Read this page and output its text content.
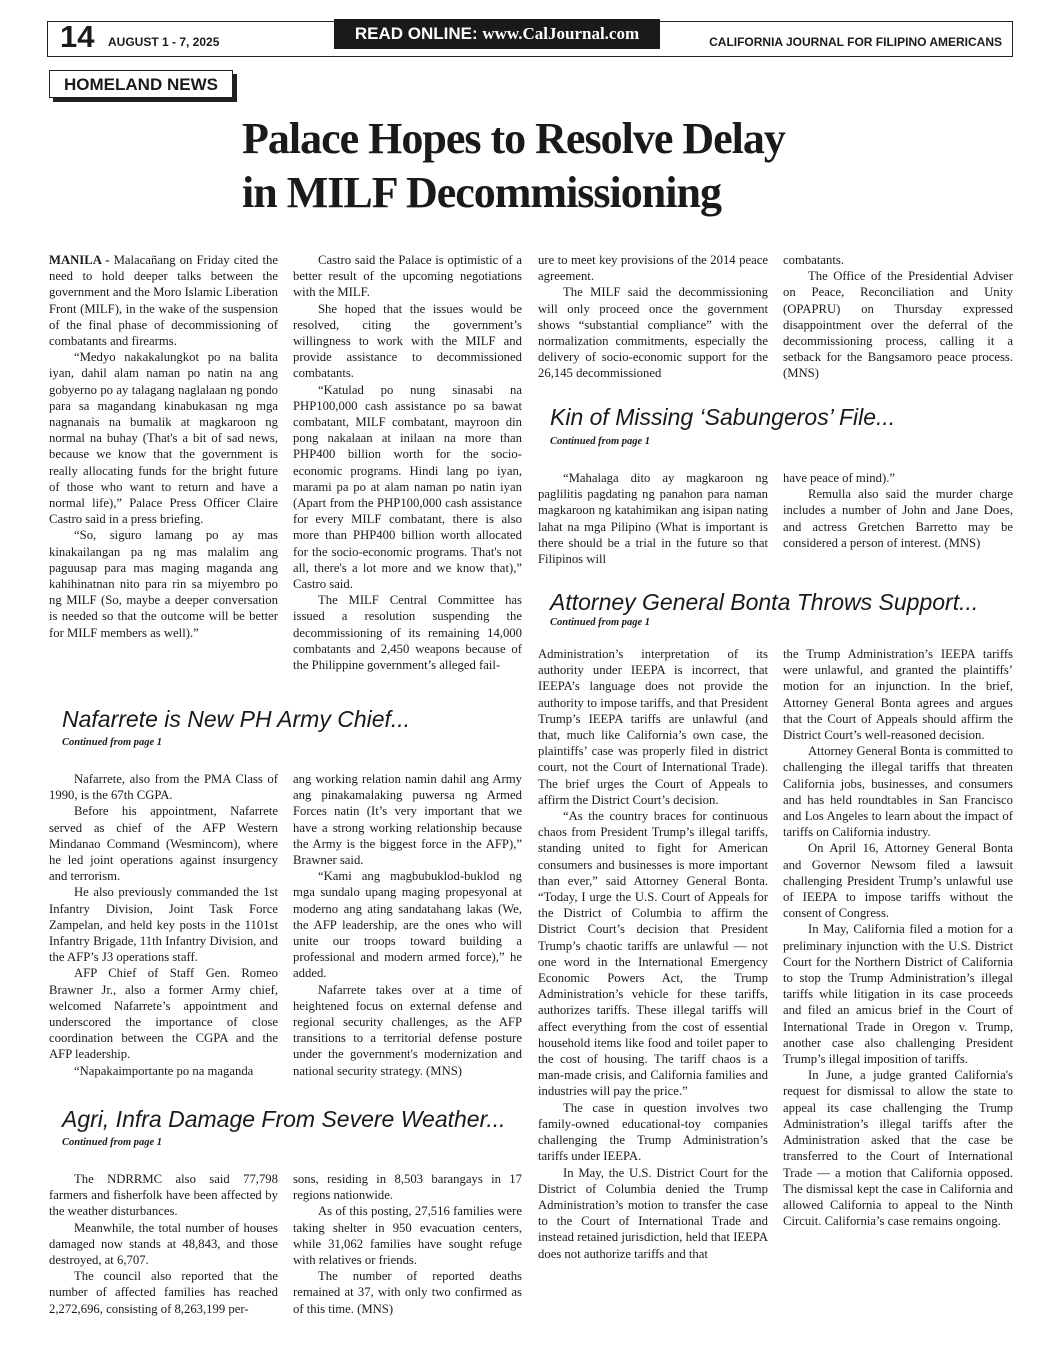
14 AUGUST 1 - 7, 2025	READ ONLINE: www.CalJournal.com	CALIFORNIA JOURNAL FOR FILIPINO AMERICANS
HOMELAND NEWS
Palace Hopes to Resolve Delay
in MILF Decommissioning

MANILA - Malacañang on Friday cited the need to hold deeper talks between the government and the Moro Islamic Liberation Front (MILF), in the wake of the suspension of the final phase of decommissioning of combatants and firearms.

“Medyo nakakalungkot po na balita iyan, dahil alam naman po natin na ang gobyerno po ay talagang naglalaan ng pondo para sa magandang kinabukasan ng mga nagnanais na bumalik at magkaroon ng normal na buhay (That's a bit of sad news, because we know that the government is really allocating funds for the bright future of those who want to return and have a normal life),” Palace Press Officer Claire Castro said in a press briefing.

“So, siguro lamang po ay mas kinakailangan pa ng mas malalim ang paguusap para mas maging maganda ang kahihinatnan nito para rin sa miyembro po ng MILF (So, maybe a deeper conversation is needed so that the outcome will be better for MILF members as well).”

Castro said the Palace is optimistic of a better result of the upcoming negotiations with the MILF.

She hoped that the issues would be resolved, citing the government’s willingness to work with the MILF and provide assistance to decommissioned combatants.

“Katulad po nung sinasabi na PHP100,000 cash assistance po sa bawat combatant, MILF combatant, mayroon din pong nakalaan at inilaan na more than PHP400 billion worth for the socio-economic programs. Hindi lang po iyan, marami pa po at alam naman po natin iyan (Apart from the PHP100,000 cash assistance for every MILF combatant, there is also more than PHP400 billion worth allocated for the socio-economic programs. That's not all, there's a lot more and we know that),” Castro said.

The MILF Central Committee has issued a resolution suspending the decommissioning of its remaining 14,000 combatants and 2,450 weapons because of the Philippine government’s alleged fail-

ure to meet key provisions of the 2014 peace agreement.

The MILF said the decommissioning will only proceed once the government shows “substantial compliance” with the normalization commitments, especially the delivery of socio-economic support for the 26,145 decommissioned

combatants.

The Office of the Presidential Adviser on Peace, Reconciliation and Unity (OPAPRU) on Thursday expressed disappointment over the deferral of the decommissioning process, calling it a setback for the Bangsamoro peace process. (MNS)

Kin of Missing ‘Sabungeros’ File...
Continued from page 1

“Mahalaga dito ay magkaroon ng paglilitis pagdating ng panahon para naman magkaroon ng katahimikan ang isipan nating lahat na mga Pilipino (What is important is there should be a trial in the future so that Filipinos will

have peace of mind).”

Remulla also said the murder charge includes a number of John and Jane Does, and actress Gretchen Barretto may be considered a person of interest. (MNS)

Attorney General Bonta Throws Support...
Continued from page 1

Administration’s interpretation of its authority under IEEPA is incorrect, that IEEPA’s language does not provide the authority to impose tariffs, and that President Trump’s IEEPA tariffs are unlawful (and that, much like California’s own case, the plaintiffs’ case was properly filed in district court, not the Court of International Trade). The brief urges the Court of Appeals to affirm the District Court’s decision.

“As the country braces for continuous chaos from President Trump’s illegal tariffs, standing united to fight for American consumers and businesses is more important than ever,” said Attorney General Bonta. “Today, I urge the U.S. Court of Appeals for the District of Columbia to affirm the District Court’s decision that President Trump’s chaotic tariffs are unlawful — not one word in the International Emergency Economic Powers Act, the Trump Administration’s vehicle for these tariffs, authorizes tariffs. These illegal tariffs will affect everything from the cost of essential household items like food and toilet paper to the cost of housing. The tariff chaos is a man-made crisis, and California families and industries will pay the price.”

The case in question involves two family-owned educational-toy companies challenging the Trump Administration’s tariffs under IEEPA.

In May, the U.S. District Court for the District of Columbia denied the Trump Administration’s motion to transfer the case to the Court of International Trade and instead retained jurisdiction, held that IEEPA does not authorize tariffs and that

the Trump Administration’s IEEPA tariffs were unlawful, and granted the plaintiffs’ motion for an injunction. In the brief, Attorney General Bonta agrees and argues that the Court of Appeals should affirm the District Court’s well-reasoned decision.

Attorney General Bonta is committed to challenging the illegal tariffs that threaten California jobs, businesses, and consumers and has held roundtables in San Francisco and Los Angeles to learn about the impact of tariffs on California industry.

On April 16, Attorney General Bonta and Governor Newsom filed a lawsuit challenging President Trump’s unlawful use of IEEPA to impose tariffs without the consent of Congress.

In May, California filed a motion for a preliminary injunction with the U.S. District Court for the Northern District of California to stop the Trump Administration’s illegal tariffs while litigation in its case proceeds and filed an amicus brief in the Court of International Trade in Oregon v. Trump, another case also challenging President Trump’s illegal imposition of tariffs.

In June, a judge granted California's request for dismissal to allow the state to appeal its case challenging the Trump Administration’s illegal tariffs after the Administration asked that the case be transferred to the Court of International Trade — a motion that California opposed. The dismissal kept the case in California and allowed California to appeal to the Ninth Circuit. California’s case remains ongoing.

Nafarrete is New PH Army Chief...
Continued from page 1

Nafarrete, also from the PMA Class of 1990, is the 67th CGPA.

Before his appointment, Nafarrete served as chief of the AFP Western Mindanao Command (Wesmincom), where he led joint operations against insurgency and terrorism.

He also previously commanded the 1st Infantry Division, Joint Task Force Zampelan, and held key posts in the 1101st Infantry Brigade, 11th Infantry Division, and the AFP’s J3 operations staff.

AFP Chief of Staff Gen. Romeo Brawner Jr., also a former Army chief, welcomed Nafarrete’s appointment and underscored the importance of close coordination between the CGPA and the AFP leadership.

“Napakaimportante po na maganda

ang working relation namin dahil ang Army ang pinakamalaking puwersa ng Armed Forces natin (It’s very important that we have a strong working relationship because the Army is the biggest force in the AFP),” Brawner said.

“Kami ang magbubuklod-buklod ng mga sundalo upang maging propesyonal at moderno ang ating sandatahang lakas (We, the AFP leadership, are the ones who will unite our troops toward building a professional and modern armed force),” he added.

Nafarrete takes over at a time of heightened focus on external defense and regional security challenges, as the AFP transitions to a territorial defense posture under the government's modernization and national security strategy. (MNS)

Agri, Infra Damage From Severe Weather...
Continued from page 1

The NDRRMC also said 77,798 farmers and fisherfolk have been affected by the weather disturbances.

Meanwhile, the total number of houses damaged now stands at 48,843, and those destroyed, at 6,707.

The council also reported that the number of affected families has reached 2,272,696, consisting of 8,263,199 per-

sons, residing in 8,503 barangays in 17 regions nationwide.

As of this posting, 27,516 families were taking shelter in 950 evacuation centers, while 31,062 families have sought refuge with relatives or friends.

The number of reported deaths remained at 37, with only two confirmed as of this time. (MNS)
